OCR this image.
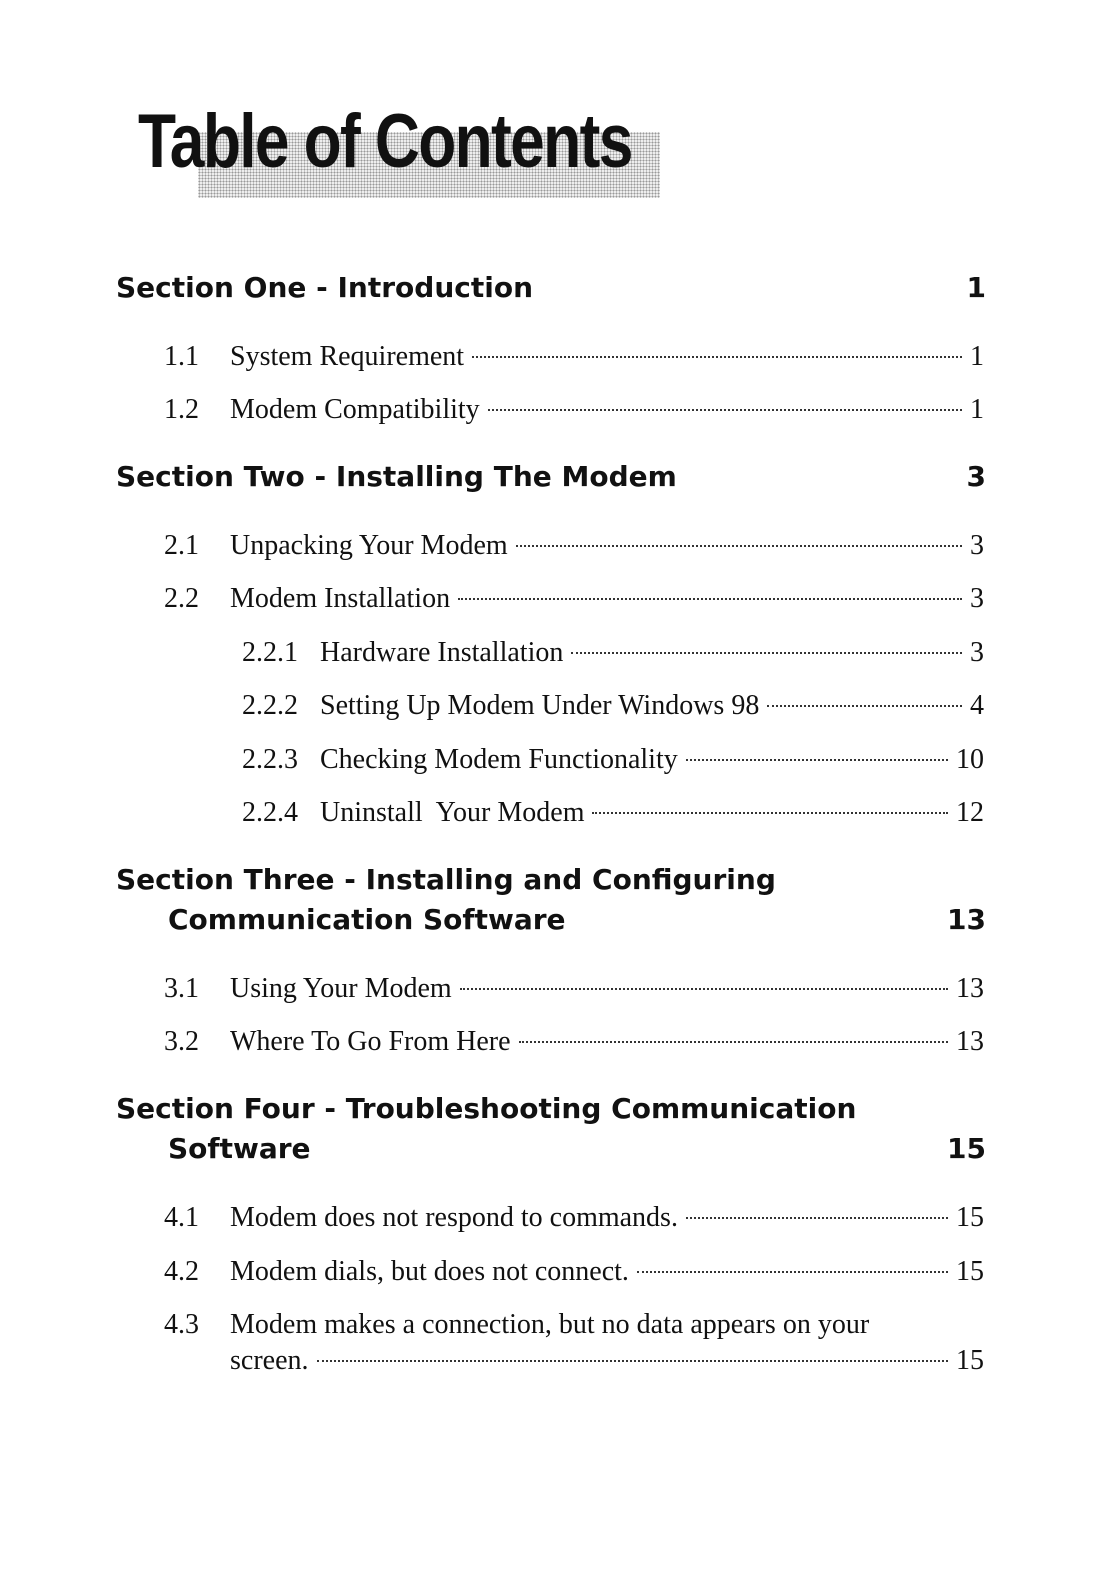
Table of Contents
Section One - Introduction	1
1.1	System Requirement	1
1.2	Modem Compatibility	1
Section Two - Installing The Modem	3
2.1	Unpacking Your Modem	3
2.2	Modem Installation	3
2.2.1 Hardware Installation	3
2.2.2 Setting Up Modem Under Windows 98	4
2.2.3 Checking Modem Functionality	10
2.2.4 Uninstall  Your Modem	12
Section Three - Installing and Configuring
Communication Software	13
3.1	Using Your Modem	13
3.2	Where To Go From Here	13
Section Four - Troubleshooting Communication
Software	15
4.1	Modem does not respond to commands.	15
4.2	Modem dials, but does not connect.	15
4.3	Modem makes a connection, but no data appears on your
screen.	15
